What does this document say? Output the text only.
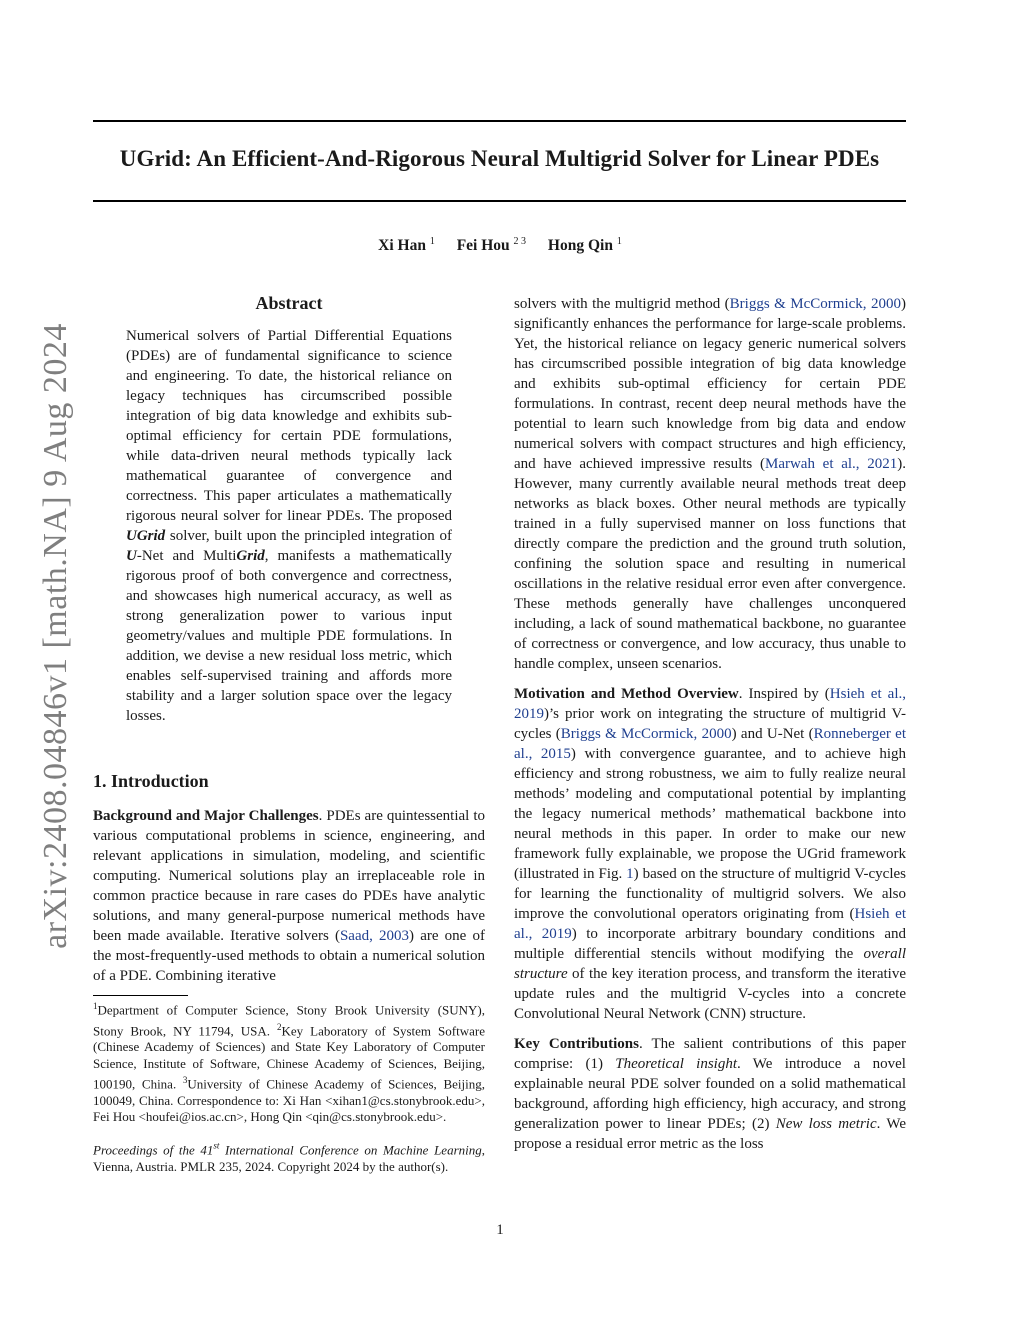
UGrid: An Efficient-And-Rigorous Neural Multigrid Solver for Linear PDEs
Xi Han $^1$ Fei Hou $^{2 3}$ Hong Qin $^1$
arXiv:2408.04846v1 [math.NA] 9 Aug 2024
Abstract

Numerical solvers of Partial Differential Equations (PDEs) are of fundamental significance to science and engineering. To date, the historical reliance on legacy techniques has circumscribed possible integration of big data knowledge and exhibits sub-optimal efficiency for certain PDE formulations, while data-driven neural methods typically lack mathematical guarantee of convergence and correctness. This paper articulates a mathematically rigorous neural solver for linear PDEs. The proposed UGrid solver, built upon the principled integration of U-Net and MultiGrid, manifests a mathematically rigorous proof of both convergence and correctness, and showcases high numerical accuracy, as well as strong generalization power to various input geometry/values and multiple PDE formulations. In addition, we devise a new residual loss metric, which enables self-supervised training and affords more stability and a larger solution space over the legacy losses.

1. Introduction

Background and Major Challenges. PDEs are quintessential to various computational problems in science, engineering, and relevant applications in simulation, modeling, and scientific computing. Numerical solutions play an irreplaceable role in common practice because in rare cases do PDEs have analytic solutions, and many general-purpose numerical methods have been made available. Iterative solvers (Saad, 2003) are one of the most-frequently-used methods to obtain a numerical solution of a PDE. Combining iterative

$^1$Department of Computer Science, Stony Brook University (SUNY), Stony Brook, NY 11794, USA. $^2$Key Laboratory of System Software (Chinese Academy of Sciences) and State Key Laboratory of Computer Science, Institute of Software, Chinese Academy of Sciences, Beijing, 100190, China. $^3$University of Chinese Academy of Sciences, Beijing, 100049, China. Correspondence to: Xi Han <xihan1@cs.stonybrook.edu>, Fei Hou <houfei@ios.ac.cn>, Hong Qin <qin@cs.stonybrook.edu>.

Proceedings of the 41st International Conference on Machine Learning, Vienna, Austria. PMLR 235, 2024. Copyright 2024 by the author(s).

solvers with the multigrid method (Briggs & McCormick, 2000) significantly enhances the performance for large-scale problems. Yet, the historical reliance on legacy generic numerical solvers has circumscribed possible integration of big data knowledge and exhibits sub-optimal efficiency for certain PDE formulations. In contrast, recent deep neural methods have the potential to learn such knowledge from big data and endow numerical solvers with compact structures and high efficiency, and have achieved impressive results (Marwah et al., 2021). However, many currently available neural methods treat deep networks as black boxes. Other neural methods are typically trained in a fully supervised manner on loss functions that directly compare the prediction and the ground truth solution, confining the solution space and resulting in numerical oscillations in the relative residual error even after convergence. These methods generally have challenges unconquered including, a lack of sound mathematical backbone, no guarantee of correctness or convergence, and low accuracy, thus unable to handle complex, unseen scenarios.

Motivation and Method Overview. Inspired by (Hsieh et al., 2019)’s prior work on integrating the structure of multigrid V-cycles (Briggs & McCormick, 2000) and U-Net (Ronneberger et al., 2015) with convergence guarantee, and to achieve high efficiency and strong robustness, we aim to fully realize neural methods’ modeling and computational potential by implanting the legacy numerical methods’ mathematical backbone into neural methods in this paper. In order to make our new framework fully explainable, we propose the UGrid framework (illustrated in Fig. 1) based on the structure of multigrid V-cycles for learning the functionality of multigrid solvers. We also improve the convolutional operators originating from (Hsieh et al., 2019) to incorporate arbitrary boundary conditions and multiple differential stencils without modifying the overall structure of the key iteration process, and transform the iterative update rules and the multigrid V-cycles into a concrete Convolutional Neural Network (CNN) structure.

Key Contributions. The salient contributions of this paper comprise: (1) Theoretical insight. We introduce a novel explainable neural PDE solver founded on a solid mathematical background, affording high efficiency, high accuracy, and strong generalization power to linear PDEs; (2) New loss metric. We propose a residual error metric as the loss

1
